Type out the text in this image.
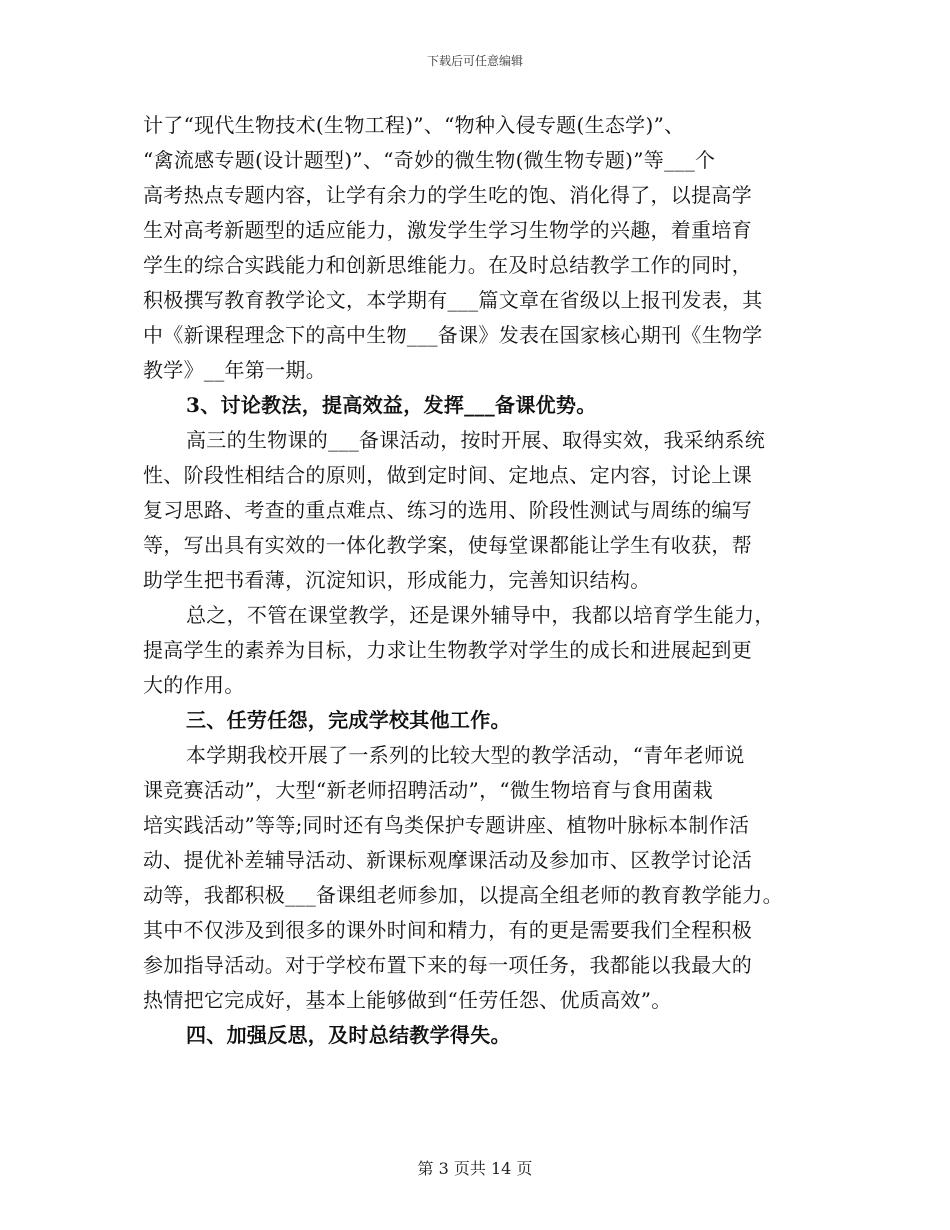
下载后可任意编辑
计了“现代生物技术(生物工程)”、“物种入侵专题(生态学)”、
“禽流感专题(设计题型)”、“奇妙的微生物(微生物专题)”等___个
高考热点专题内容，让学有余力的学生吃的饱、消化得了，以提高学
生对高考新题型的适应能力，激发学生学习生物学的兴趣，着重培育
学生的综合实践能力和创新思维能力。在及时总结教学工作的同时，
积极撰写教育教学论文，本学期有___篇文章在省级以上报刊发表，其
中《新课程理念下的高中生物___备课》发表在国家核心期刊《生物学
教学》__年第一期。
3、讨论教法，提高效益，发挥___备课优势。
高三的生物课的___备课活动，按时开展、取得实效，我采纳系统
性、阶段性相结合的原则，做到定时间、定地点、定内容，讨论上课
复习思路、考查的重点难点、练习的选用、阶段性测试与周练的编写
等，写出具有实效的一体化教学案，使每堂课都能让学生有收获，帮
助学生把书看薄，沉淀知识，形成能力，完善知识结构。
总之，不管在课堂教学，还是课外辅导中，我都以培育学生能力，
提高学生的素养为目标，力求让生物教学对学生的成长和进展起到更
大的作用。
三、任劳任怨，完成学校其他工作。
本学期我校开展了一系列的比较大型的教学活动，“青年老师说
课竞赛活动”，大型“新老师招聘活动”，“微生物培育与食用菌栽
培实践活动”等等;同时还有鸟类保护专题讲座、植物叶脉标本制作活
动、提优补差辅导活动、新课标观摩课活动及参加市、区教学讨论活
动等，我都积极___备课组老师参加，以提高全组老师的教育教学能力。
其中不仅涉及到很多的课外时间和精力，有的更是需要我们全程积极
参加指导活动。对于学校布置下来的每一项任务，我都能以我最大的
热情把它完成好，基本上能够做到“任劳任怨、优质高效”。
四、加强反思，及时总结教学得失。
第 3 页共 14 页
